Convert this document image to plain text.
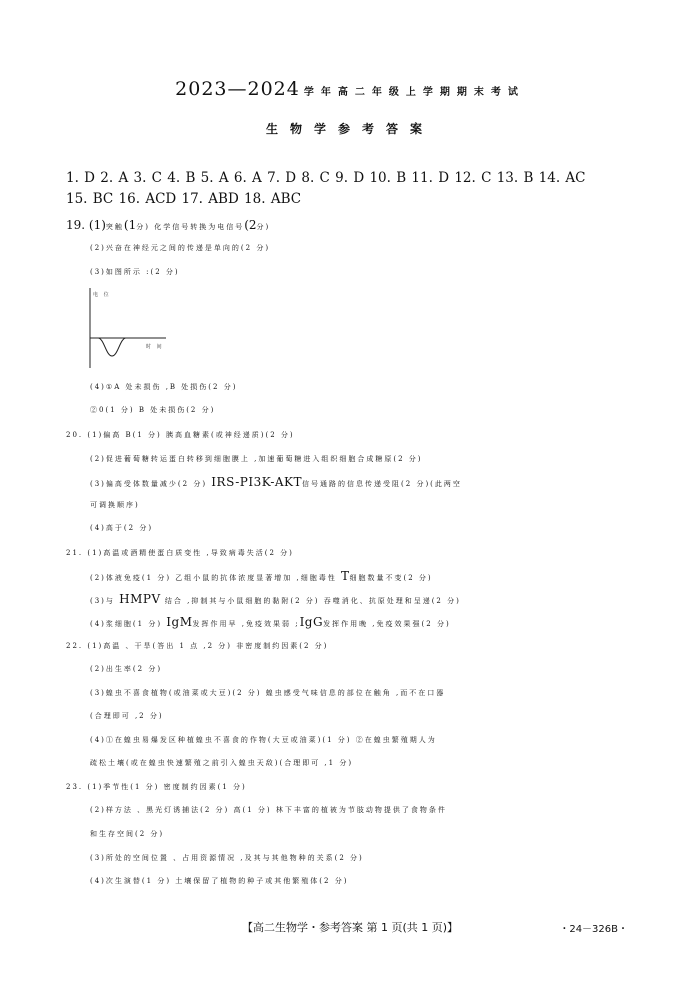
2023—2024 学年高二年级上学期期末考试
生物学参考答案
1. D 2. A 3. C 4. B 5. A 6. A 7. D 8. C 9. D 10. B 11. D 12. C 13. B 14. AC
15. BC 16. ACD 17. ABD 18. ABC
19. (1)突触(1分) 化学信号转换为电信号(2分)
(2)兴奋在神经元之间的传递是单向的(2 分)
(3)如图所示 :(2 分)
电 位
时 间
(4)①A 处未损伤 ,B 处损伤(2 分)
②0(1 分) B 处未损伤(2 分)
20. (1)偏高 B(1 分) 胰高血糖素(或神经递质)(2 分)
(2)促进葡萄糖转运蛋白转移到细胞膜上 ,加速葡萄糖进入组织细胞合成糖原(2 分)
(3)偏高受体数量减少(2 分) IRS-PI3K-AKT信号通路的信息传递受阻(2 分)(此两空
可调换顺序)
(4)高于(2 分)
21. (1)高温或酒精使蛋白质变性 ,导致病毒失活(2 分)
(2)体液免疫(1 分) 乙组小鼠的抗体浓度显著增加 ,细胞毒性 T细胞数量不变(2 分)
(3)与 HMPV 结合 ,抑制其与小鼠细胞的黏附(2 分) 吞噬消化、抗原处理和呈递(2 分)
(4)浆细胞(1 分) IgM发挥作用早 ,免疫效果弱 ;IgG发挥作用晚 ,免疫效果强(2 分)
22. (1)高温 、干旱(答出 1 点 ,2 分) 非密度制约因素(2 分)
(2)出生率(2 分)
(3)蝗虫不喜食植物(或油菜或大豆)(2 分) 蝗虫感受气味信息的部位在触角 ,而不在口器
(合理即可 ,2 分)
(4)①在蝗虫易爆发区种植蝗虫不喜食的作物(大豆或油菜)(1 分) ②在蝗虫繁殖期人为
疏松土壤(或在蝗虫快速繁殖之前引入蝗虫天敌)(合理即可 ,1 分)
23. (1)季节性(1 分) 密度制约因素(1 分)
(2)样方法 、黑光灯诱捕法(2 分) 高(1 分) 林下丰富的植被为节肢动物提供了食物条件
和生存空间(2 分)
(3)所处的空间位置 、占用资源情况 ,及其与其他物种的关系(2 分)
(4)次生演替(1 分) 土壤保留了植物的种子或其他繁殖体(2 分)
【高二生物学・参考答案 第 1 页(共 1 页)】	・24－326B・
